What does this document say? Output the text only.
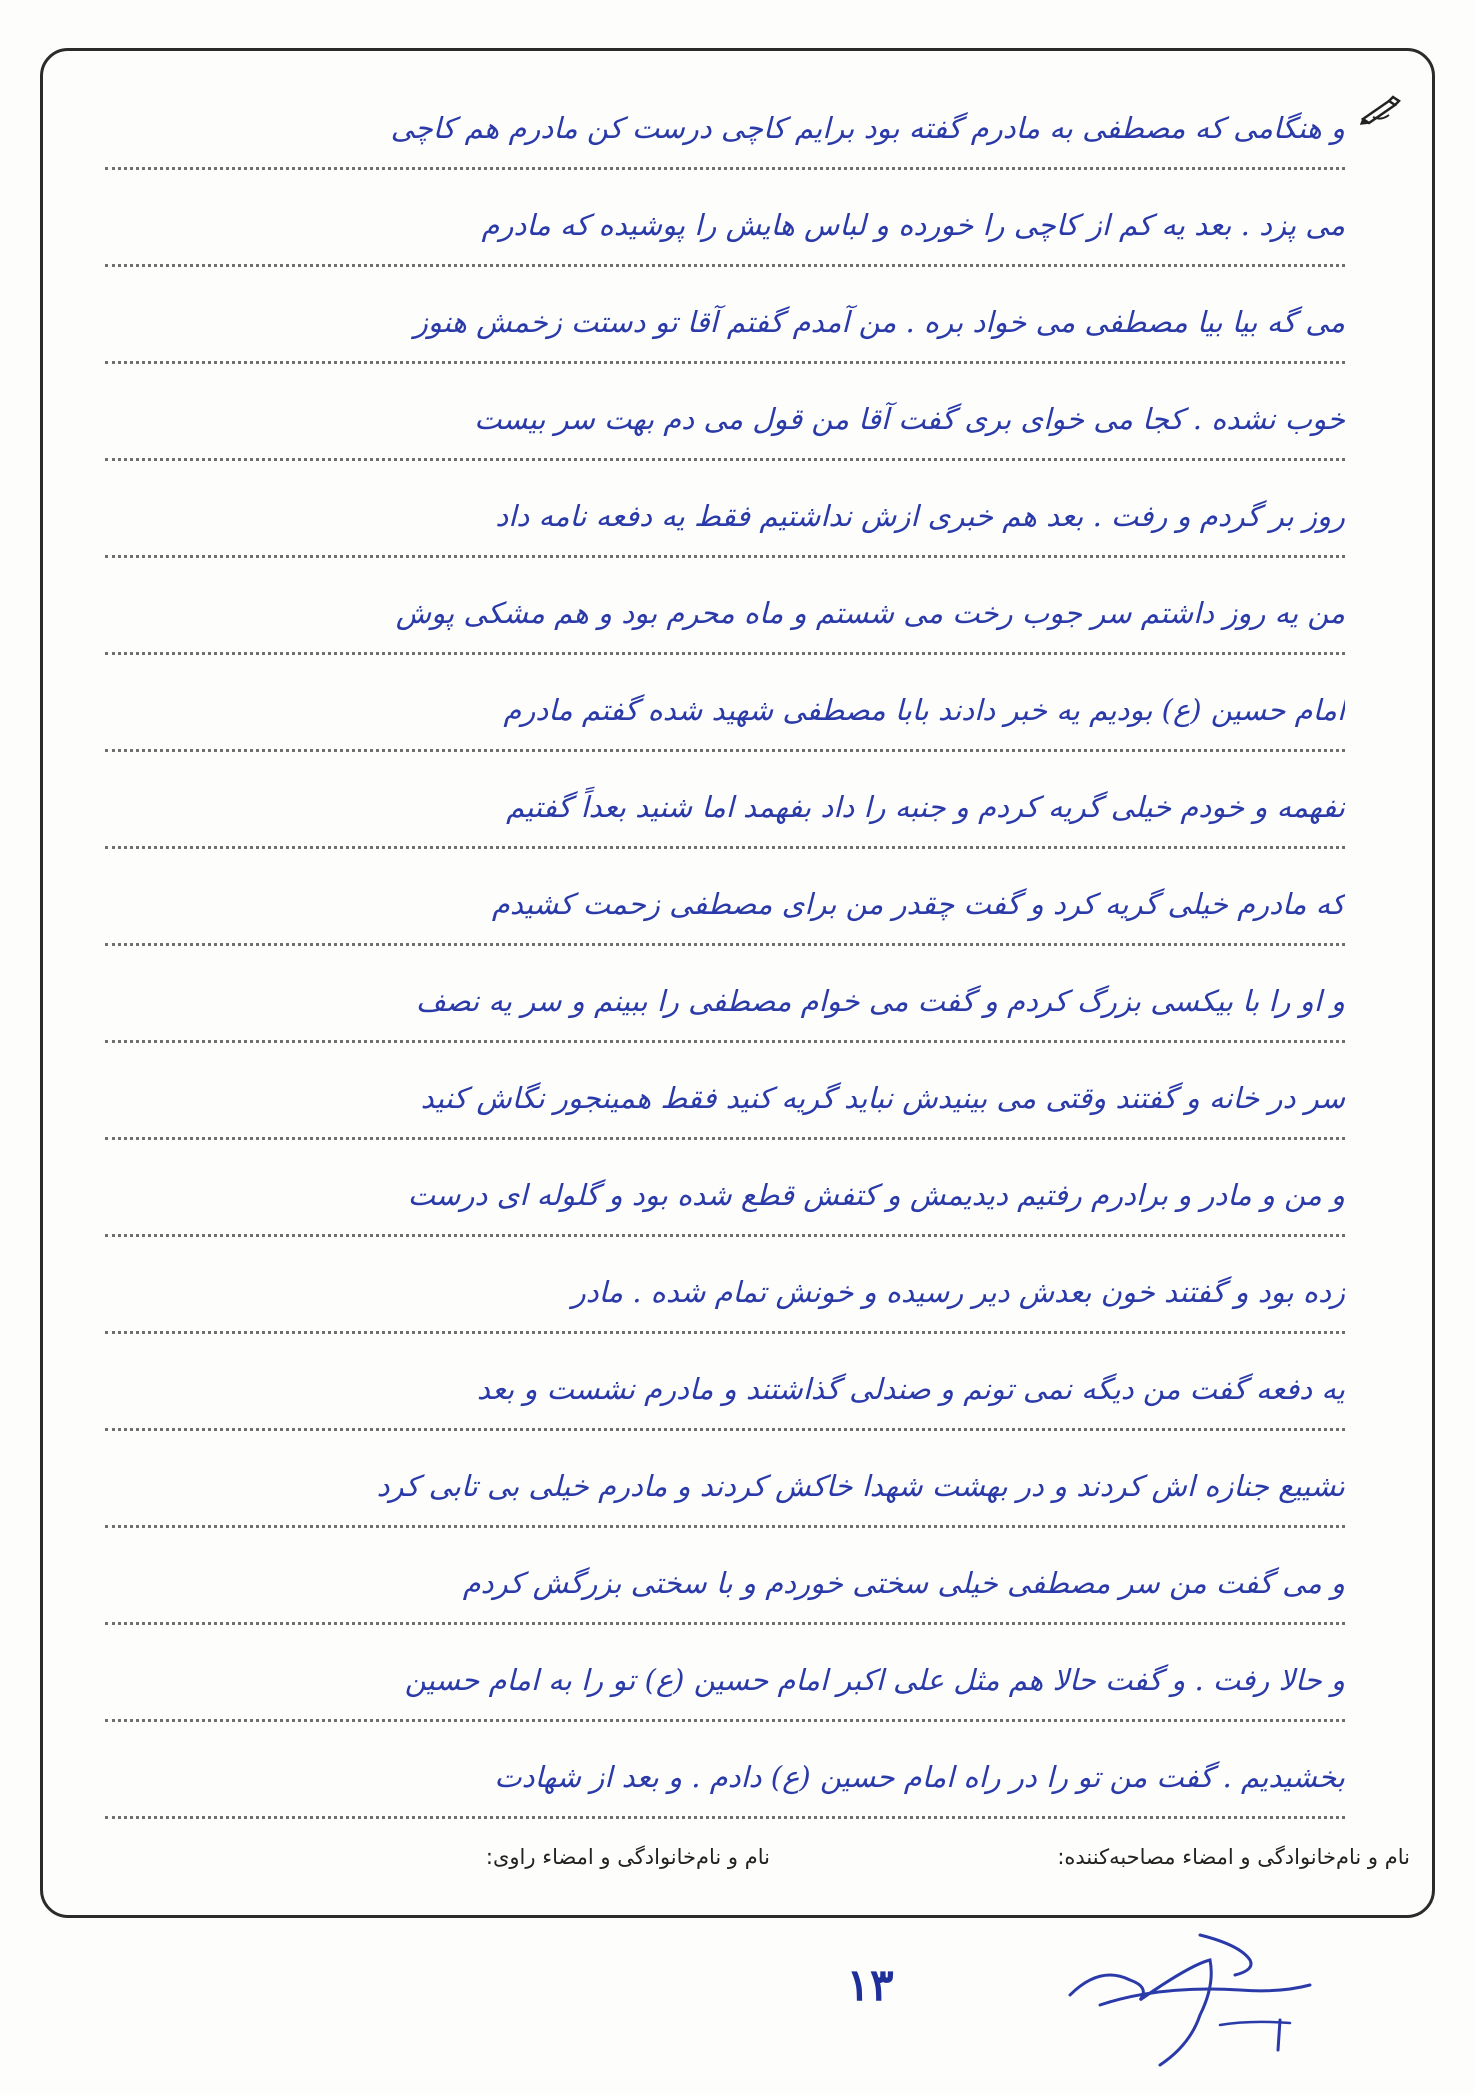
و هنگامی که مصطفی به مادرم گفته بود برایم کاچی درست کن مادرم هم کاچی
می پزد . بعد یه کم از کاچی را خورده و لباس هایش را پوشیده که مادرم
می گه بیا بیا مصطفی می خواد بره . من آمدم گفتم آقا تو دستت زخمش هنوز
خوب نشده . کجا می خوای بری گفت آقا من قول می دم بهت سر بیست
روز بر گردم و رفت . بعد هم خبری ازش نداشتیم فقط یه دفعه نامه داد
من یه روز داشتم سر جوب رخت می شستم و ماه محرم بود و هم مشکی پوش
امام حسین (ع) بودیم یه خبر دادند بابا مصطفی شهید شده گفتم مادرم
نفهمه و خودم خیلی گریه کردم و جنبه را داد بفهمد اما شنید بعداً گفتیم
که مادرم خیلی گریه کرد و گفت چقدر من برای مصطفی زحمت کشیدم
و او را با بیکسی بزرگ کردم و گفت می خوام مصطفی را ببینم و سر یه نصف
سر در خانه و گفتند وقتی می بینیدش نباید گریه کنید فقط همینجور نگاش کنید
و من و مادر و برادرم رفتیم دیدیمش و کتفش قطع شده بود و گلوله ای درست
زده بود و گفتند خون بعدش دیر رسیده و خونش تمام شده . مادر
یه دفعه گفت من دیگه نمی تونم و صندلی گذاشتند و مادرم نشست و بعد
تشییع جنازه اش کردند و در بهشت شهدا خاکش کردند و مادرم خیلی بی تابی کرد
و می گفت من سر مصطفی خیلی سختی خوردم و با سختی بزرگش کردم
و حالا رفت . و گفت حالا هم مثل علی اکبر امام حسین (ع) تو را به امام حسین
بخشیدیم . گفت من تو را در راه امام حسین (ع) دادم . و بعد از شهادت
نام و نام‌خانوادگی و امضاء مصاحبه‌کننده:
نام و نام‌خانوادگی و امضاء راوی:
۱۳
